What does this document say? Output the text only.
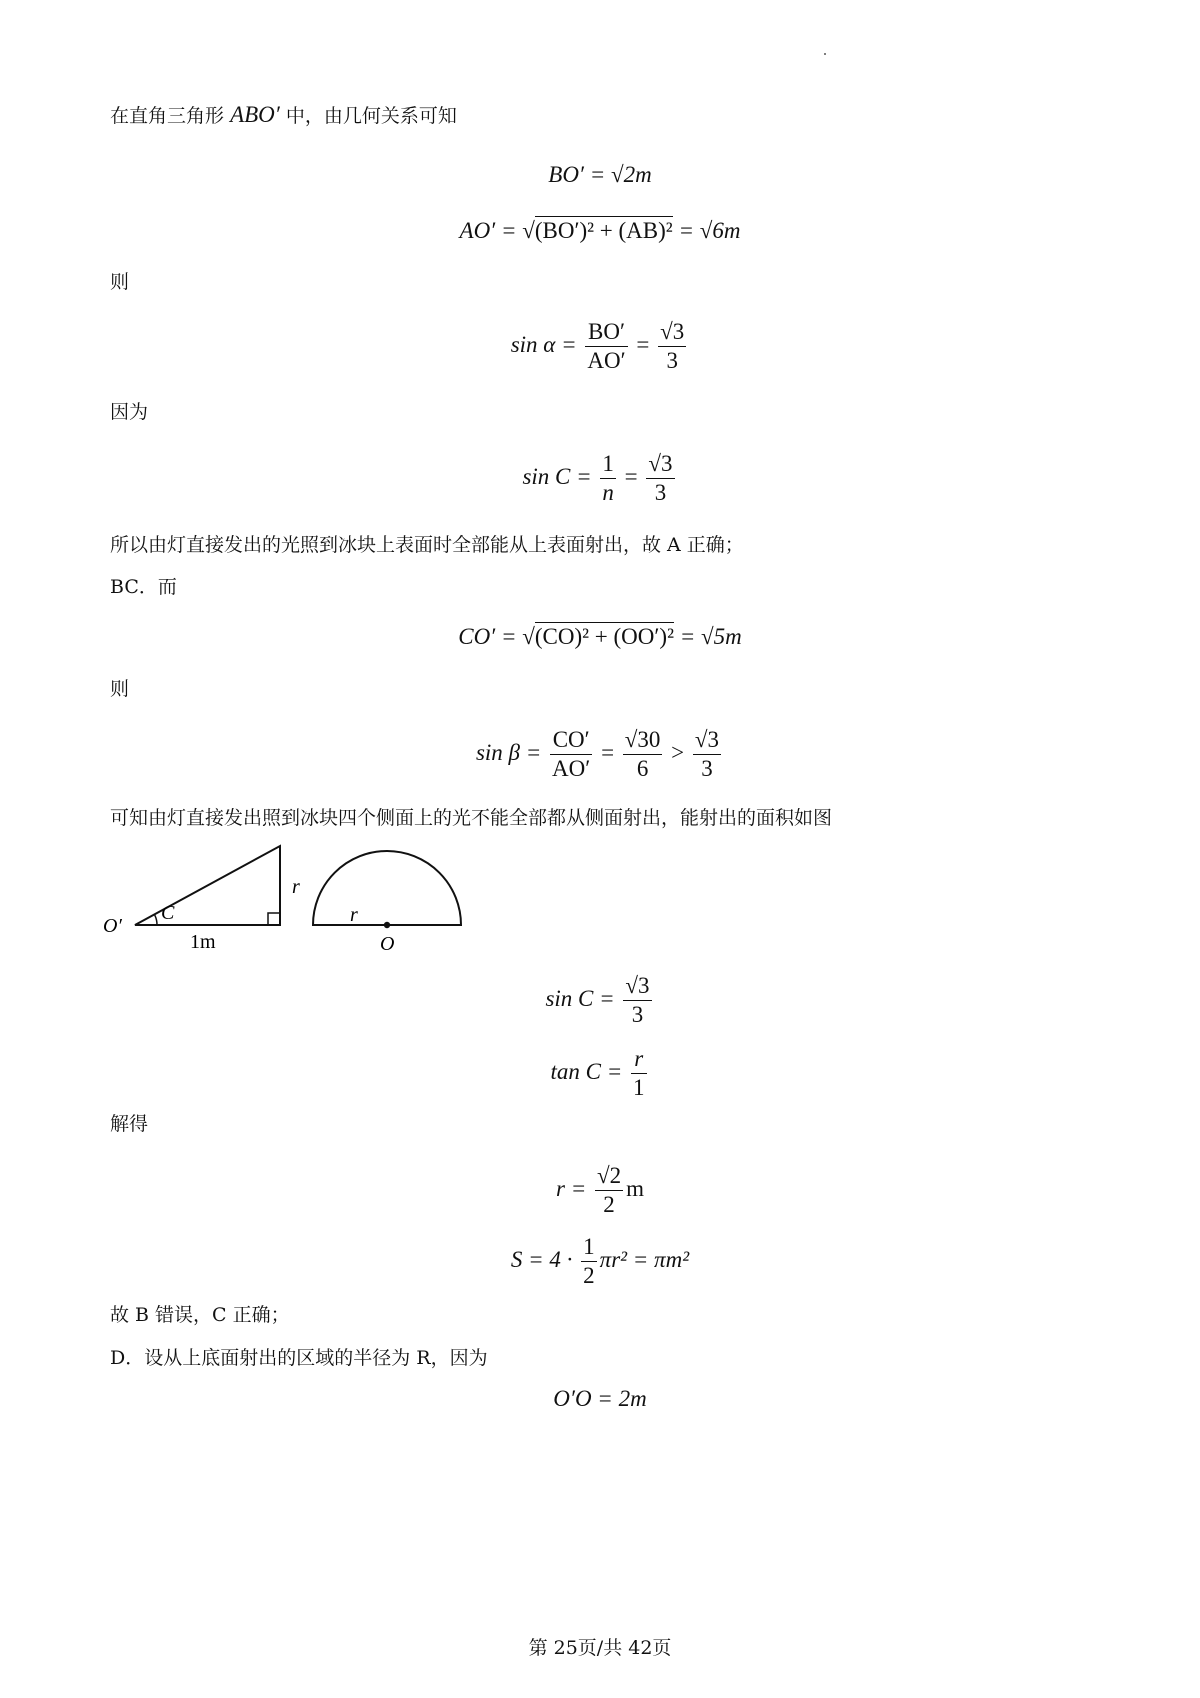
在直角三角形 ABO′ 中，由几何关系可知
BO′ = √2m
AO′ = √(BO′)² + (AB)² = √6m
则
$\sin \alpha = \frac{BO'}{AO'} = \frac{√3}{3}$
因为
$\sin C = \frac{1}{n} = \frac{√3}{3}$
所以由灯直接发出的光照到冰块上表面时全部能从上表面射出，故 A 正确；
BC．而
CO′ = √(CO)² + (OO′)² = √5m
则
$\sin \beta = \frac{CO'}{AO'} = \frac{√30}{6} > \frac{√3}{3}$
可知由灯直接发出照到冰块四个侧面上的光不能全部都从侧面射出，能射出的面积如图
O′
C
r
1m
r
O
$\sin C = \frac{√3}{3}$
$\tan C = \frac{r}{1}$
解得
$r = \frac{√2}{2}$ m
$S = 4 \cdot \frac{1}{2} \pi r^2 = \pi m^2$
故 B 错误，C 正确；
D．设从上底面射出的区域的半径为 R，因为
O′O = 2m
第 25页/共 42页
